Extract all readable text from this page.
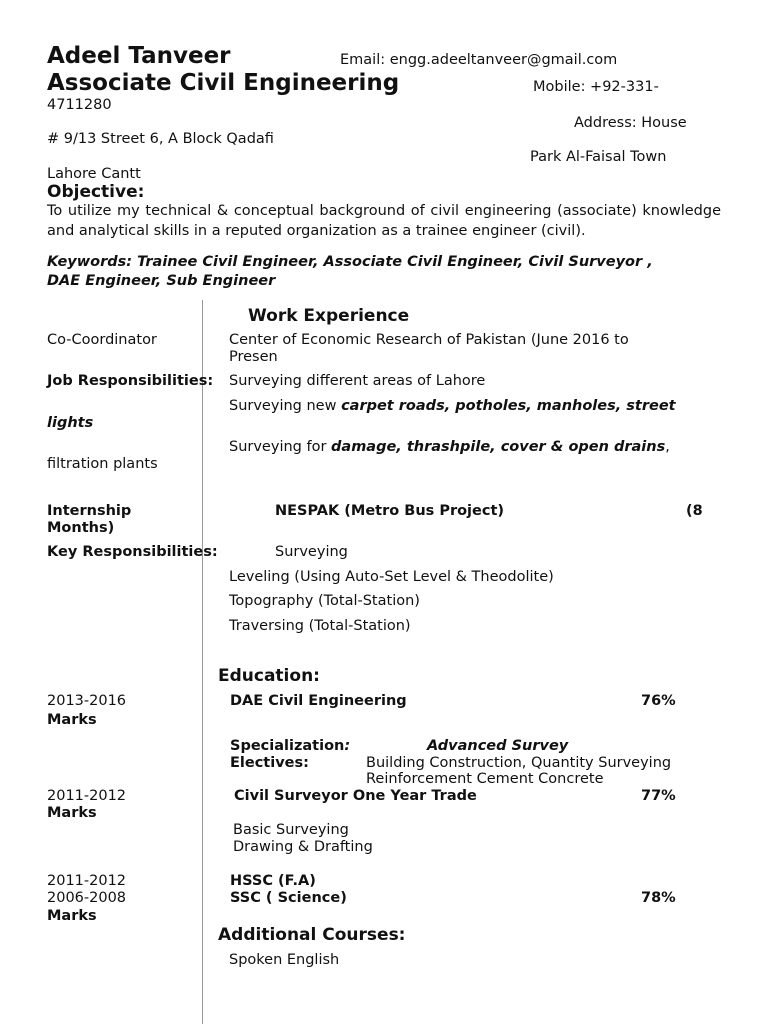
Adeel Tanveer	Email: engg.adeeltanveer@gmail.com
Associate Civil Engineering	Mobile: +92-331-
4711280
Address: House
# 9/13 Street 6, A Block Qadafi
Park Al-Faisal Town
Lahore Cantt
Objective:
To utilize my technical & conceptual background of civil engineering (associate) knowledge and analytical skills in a reputed organization as a trainee engineer (civil).
Keywords: Trainee Civil Engineer, Associate Civil Engineer, Civil Surveyor ,
DAE Engineer, Sub Engineer
Work Experience
Co-Coordinator	Center of Economic Research of Pakistan (June 2016 to
Presen
Job Responsibilities: Surveying different areas of Lahore
Surveying new carpet roads, potholes, manholes, street
lights
Surveying for damage, thrashpile, cover & open drains,
filtration plants
Internship	NESPAK (Metro Bus Project)	(8
Months)
Key Responsibilities:	Surveying
Leveling (Using Auto-Set Level & Theodolite)
Topography (Total-Station)
Traversing (Total-Station)
Education:
2013-2016	DAE Civil Engineering	76%
Marks
Specialization:	Advanced Survey
Electives:	Building Construction, Quantity Surveying
Reinforcement Cement Concrete
2011-2012	Civil Surveyor One Year Trade	77%
Marks
Basic Surveying
Drawing & Drafting
2011-2012	HSSC (F.A)
2006-2008	SSC ( Science)	78%
Marks
Additional Courses:
Spoken English
